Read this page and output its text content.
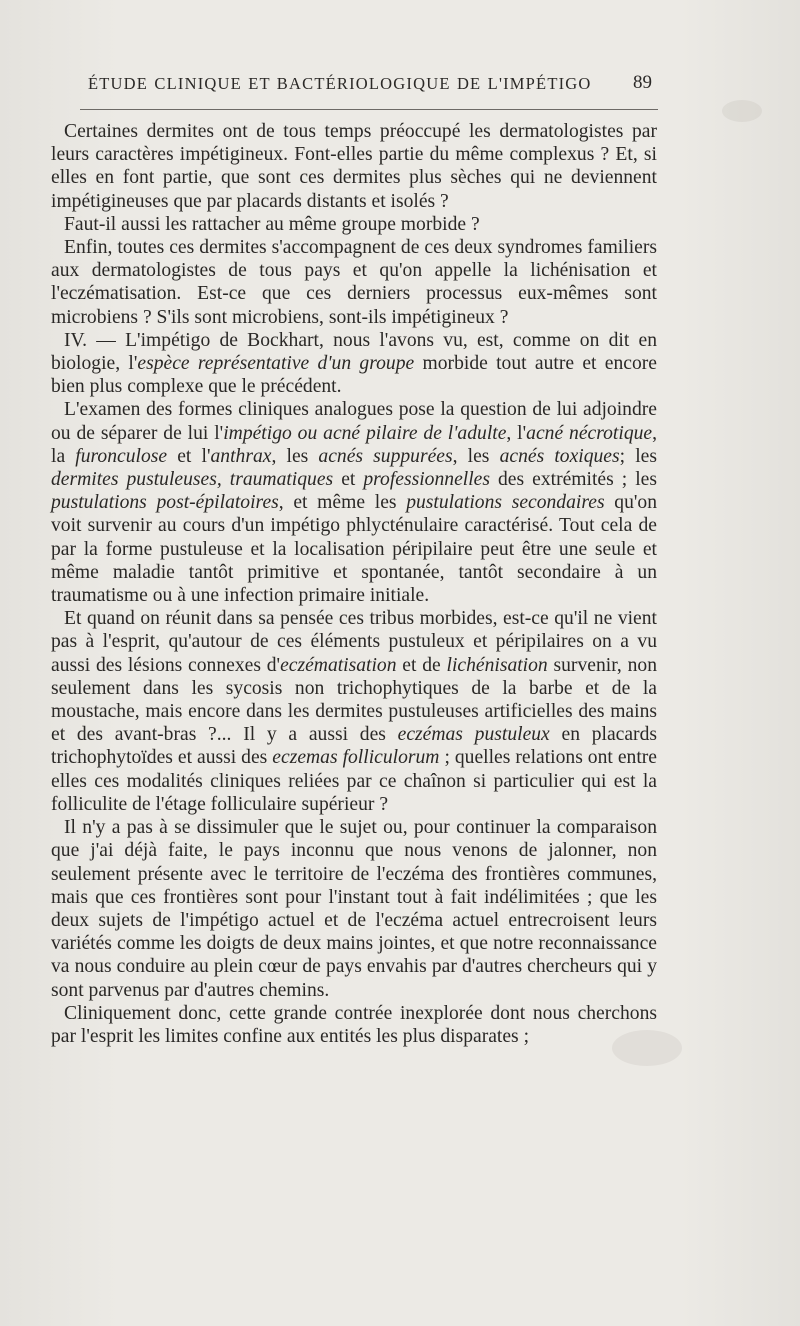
ÉTUDE CLINIQUE ET BACTÉRIOLOGIQUE DE L'IMPÉTIGO 89

Certaines dermites ont de tous temps préoccupé les dermatologistes par leurs caractères impétigineux. Font-elles partie du même complexus ? Et, si elles en font partie, que sont ces dermites plus sèches qui ne deviennent impétigineuses que par placards distants et isolés ?

Faut-il aussi les rattacher au même groupe morbide ?

Enfin, toutes ces dermites s'accompagnent de ces deux syndromes familiers aux dermatologistes de tous pays et qu'on appelle la lichénisation et l'eczématisation. Est-ce que ces derniers processus eux-mêmes sont microbiens ? S'ils sont microbiens, sont-ils impétigineux ?

IV. — L'impétigo de Bockhart, nous l'avons vu, est, comme on dit en biologie, l'espèce représentative d'un groupe morbide tout autre et encore bien plus complexe que le précédent.

L'examen des formes cliniques analogues pose la question de lui adjoindre ou de séparer de lui l'impétigo ou acné pilaire de l'adulte, l'acné nécrotique, la furonculose et l'anthrax, les acnés suppurées, les acnés toxiques; les dermites pustuleuses, traumatiques et professionnelles des extrémités ; les pustulations post-épilatoires, et même les pustulations secondaires qu'on voit survenir au cours d'un impétigo phlycténulaire caractérisé. Tout cela de par la forme pustuleuse et la localisation péripilaire peut être une seule et même maladie tantôt primitive et spontanée, tantôt secondaire à un traumatisme ou à une infection primaire initiale.

Et quand on réunit dans sa pensée ces tribus morbides, est-ce qu'il ne vient pas à l'esprit, qu'autour de ces éléments pustuleux et péripilaires on a vu aussi des lésions connexes d'eczématisation et de lichénisation survenir, non seulement dans les sycosis non trichophytiques de la barbe et de la moustache, mais encore dans les dermites pustuleuses artificielles des mains et des avant-bras ?... Il y a aussi des eczémas pustuleux en placards trichophytoïdes et aussi des eczemas folliculorum ; quelles relations ont entre elles ces modalités cliniques reliées par ce chaînon si particulier qui est la folliculite de l'étage folliculaire supérieur ?

Il n'y a pas à se dissimuler que le sujet ou, pour continuer la comparaison que j'ai déjà faite, le pays inconnu que nous venons de jalonner, non seulement présente avec le territoire de l'eczéma des frontières communes, mais que ces frontières sont pour l'instant tout à fait indélimitées ; que les deux sujets de l'impétigo actuel et de l'eczéma actuel entrecroisent leurs variétés comme les doigts de deux mains jointes, et que notre reconnaissance va nous conduire au plein cœur de pays envahis par d'autres chercheurs qui y sont parvenus par d'autres chemins.

Cliniquement donc, cette grande contrée inexplorée dont nous cherchons par l'esprit les limites confine aux entités les plus disparates ;
